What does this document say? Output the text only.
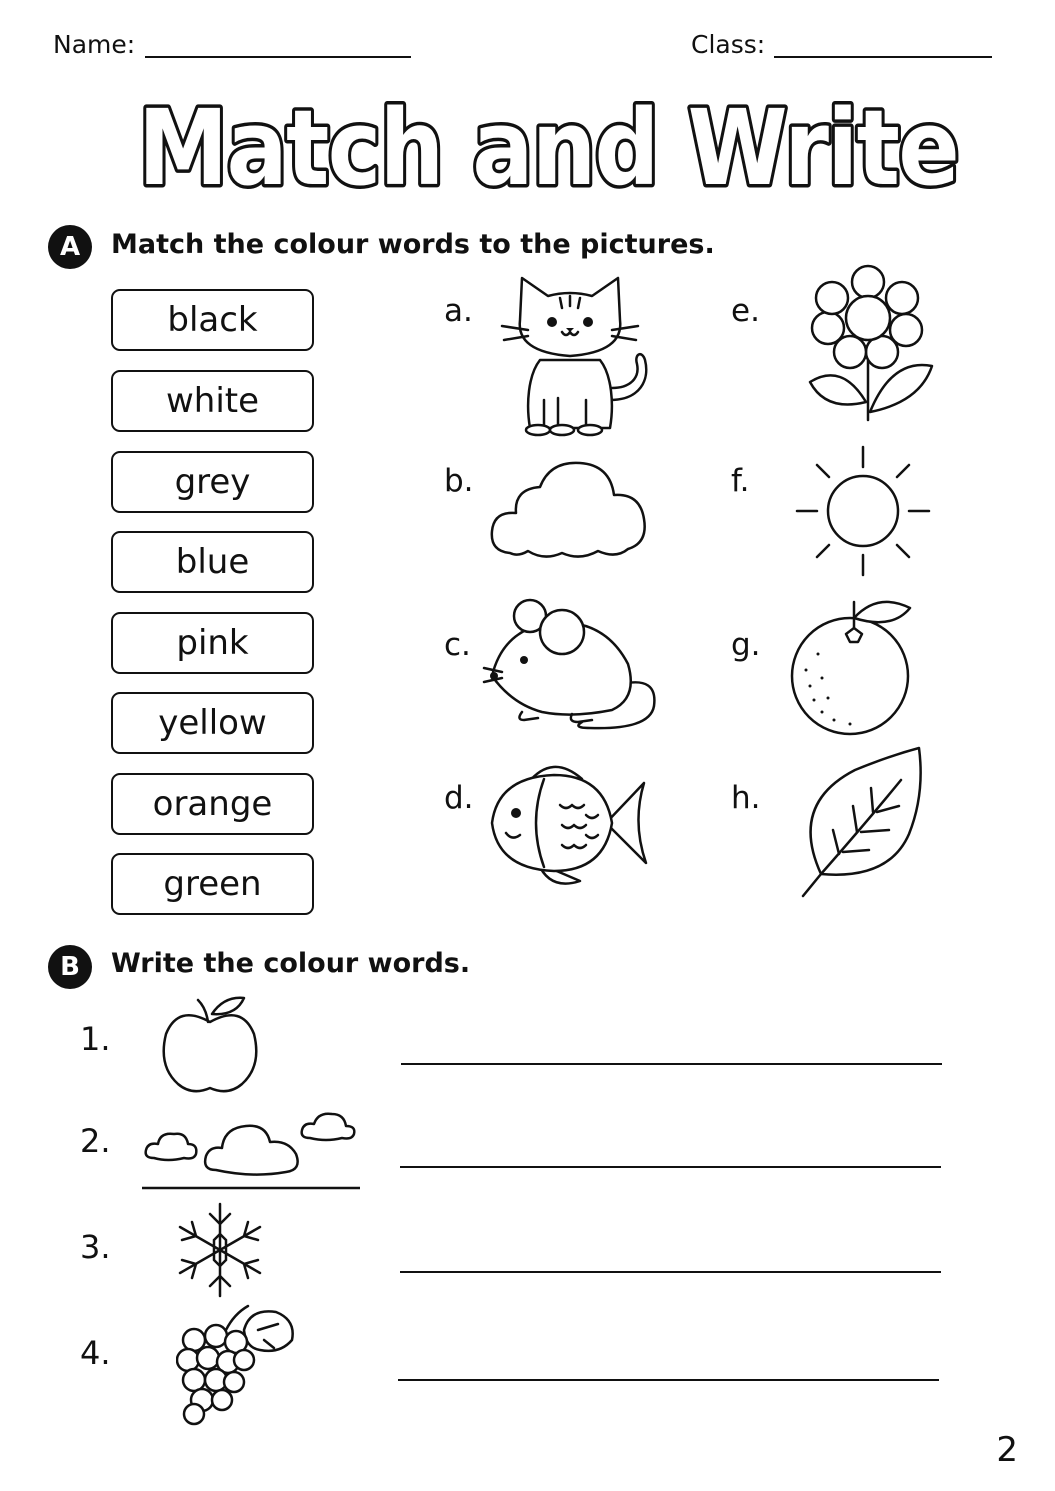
Name:	Class:
Match and Write
A	Match the colour words to the pictures.
black
white
grey
blue
pink
yellow
orange
green
a.
b.
c.
d.
e.
f.
g.
h.
B	Write the colour words.
1.
2.
3.
4.
2
